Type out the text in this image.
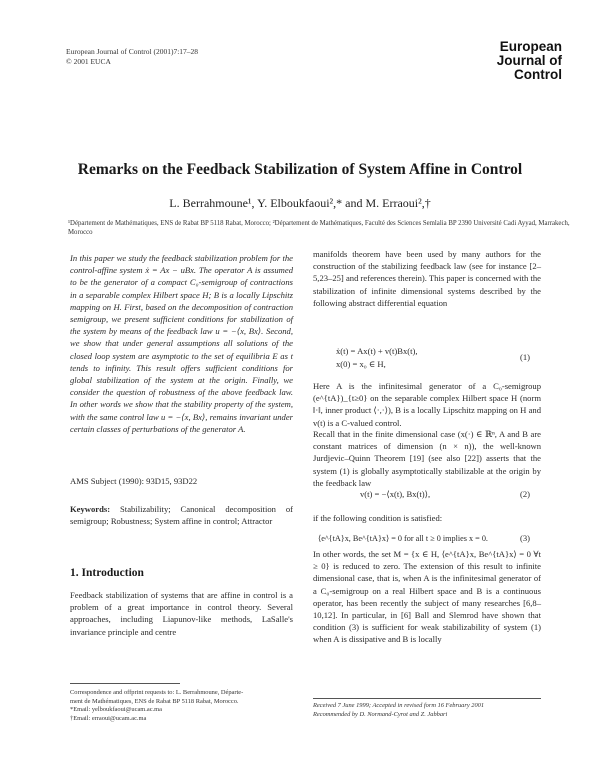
European Journal of Control (2001)7:17–28
© 2001 EUCA
European
Journal of
Control
Remarks on the Feedback Stabilization of System Affine in Control
L. Berrahmoune¹, Y. Elboukfaoui²,* and M. Erraoui²,†
¹Département de Mathématiques, ENS de Rabat BP 5118 Rabat, Morocco; ²Département de Mathématiques, Faculté des Sciences Semlalia BP 2390 Université Cadi Ayyad, Marrakech, Morocco
In this paper we study the feedback stabilization problem for the control-affine system ẋ = Ax − uBx. The operator A is assumed to be the generator of a compact C₀-semigroup of contractions in a separable complex Hilbert space H; B is a locally Lipschitz mapping on H. First, based on the decomposition of contraction semigroup, we present sufficient conditions for stabilization of the system by means of the feedback law u = −⟨x, Bx⟩. Second, we show that under general assumptions all solutions of the closed loop system are asymptotic to the set of equilibria E as t tends to infinity. This result offers sufficient conditions for global stabilization of the system at the origin. Finally, we consider the question of robustness of the above feedback law. In other words we show that the stability property of the system, with the same control law u = −⟨x, Bx⟩, remains invariant under certain classes of perturbations of the generator A.
AMS Subject (1990): 93D15, 93D22
Keywords: Stabilizability; Canonical decomposition of semigroup; Robustness; System affine in control; Attractor
1. Introduction
Feedback stabilization of systems that are affine in control is a problem of a great importance in control theory. Several approaches, including Liapunov-like methods, LaSalle's invariance principle and centre
Correspondence and offprint requests to: L. Berrahmoune, Départe-
ment de Mathématiques, ENS de Rabat BP 5118 Rabat, Morocco.
*Email: yelboukfaoui@ucam.ac.ma
†Email: erraoui@ucam.ac.ma
manifolds theorem have been used by many authors for the construction of the stabilizing feedback law (see for instance [2–5,23–25] and references therein). This paper is concerned with the stabilization of infinite dimensional systems described by the following abstract differential equation
ẋ(t) = Ax(t) + v(t)Bx(t),
x(0) = x₀ ∈ H,
(1)
Here A is the infinitesimal generator of a C₀-semigroup (e^{tA})_{t≥0} on the separable complex Hilbert space H (norm ‖·‖, inner product ⟨·,·⟩), B is a locally Lipschitz mapping on H and v(t) is a C-valued control.
Recall that in the finite dimensional case (x(·) ∈ ℝⁿ, A and B are constant matrices of dimension (n × n)), the well-known Jurdjevic–Quinn Theorem [19] (see also [22]) asserts that the system (1) is globally asymptotically stabilizable at the origin by the feedback law
v(t) = −⟨x(t), Bx(t)⟩,	(2)
if the following condition is satisfied:
⟨e^{tA}x, Be^{tA}x⟩ = 0 for all t ≥ 0 implies x = 0.	(3)
In other words, the set M = {x ∈ H, ⟨e^{tA}x, Be^{tA}x⟩ = 0 ∀t ≥ 0} is reduced to zero. The extension of this result to infinite dimensional case, that is, when A is the infinitesimal generator of a C₀-semigroup on a real Hilbert space and B is a continuous operator, has been recently the subject of many researches [6,8–10,12]. In particular, in [6] Ball and Slemrod have shown that condition (3) is sufficient for weak stabilizability of system (1) when A is dissipative and B is locally
Received 7 June 1999; Accepted in revised form 16 February 2001
Recommended by D. Normand-Cyrot and Z. Jabbari
